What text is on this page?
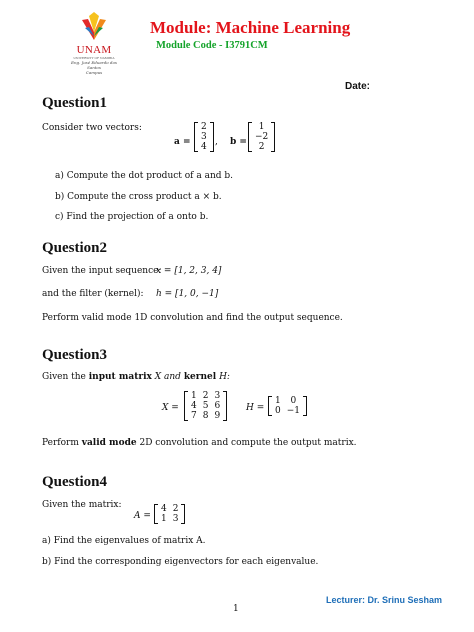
UNAM
UNIVERSITY OF NAMIBIA
Eng. José Eduardo dos Santos
Campus
Module: Machine Learning
Module Code - I3791CM
Date:
Question1
Consider two vectors:
a =
2
3
4 , b =
1
−2
2
a) Compute the dot product of a and b.
b) Compute the cross product a × b.
c) Find the projection of a onto b.
Question2
Given the input sequence:
x = [1, 2, 3, 4]
and the filter (kernel): h = [1, 0, −1]
Perform valid mode 1D convolution and find the output sequence.
Question3
Given the input matrix X and kernel H:
X =
1	2	3
4	5	6
7	8	9
H =
1	0
0	−1
Perform valid mode 2D convolution and compute the output matrix.
Question4
Given the matrix:
A =
4	2
1	3
a) Find the eigenvalues of matrix A.
b) Find the corresponding eigenvectors for each eigenvalue.
Lecturer: Dr. Srinu Sesham
1
